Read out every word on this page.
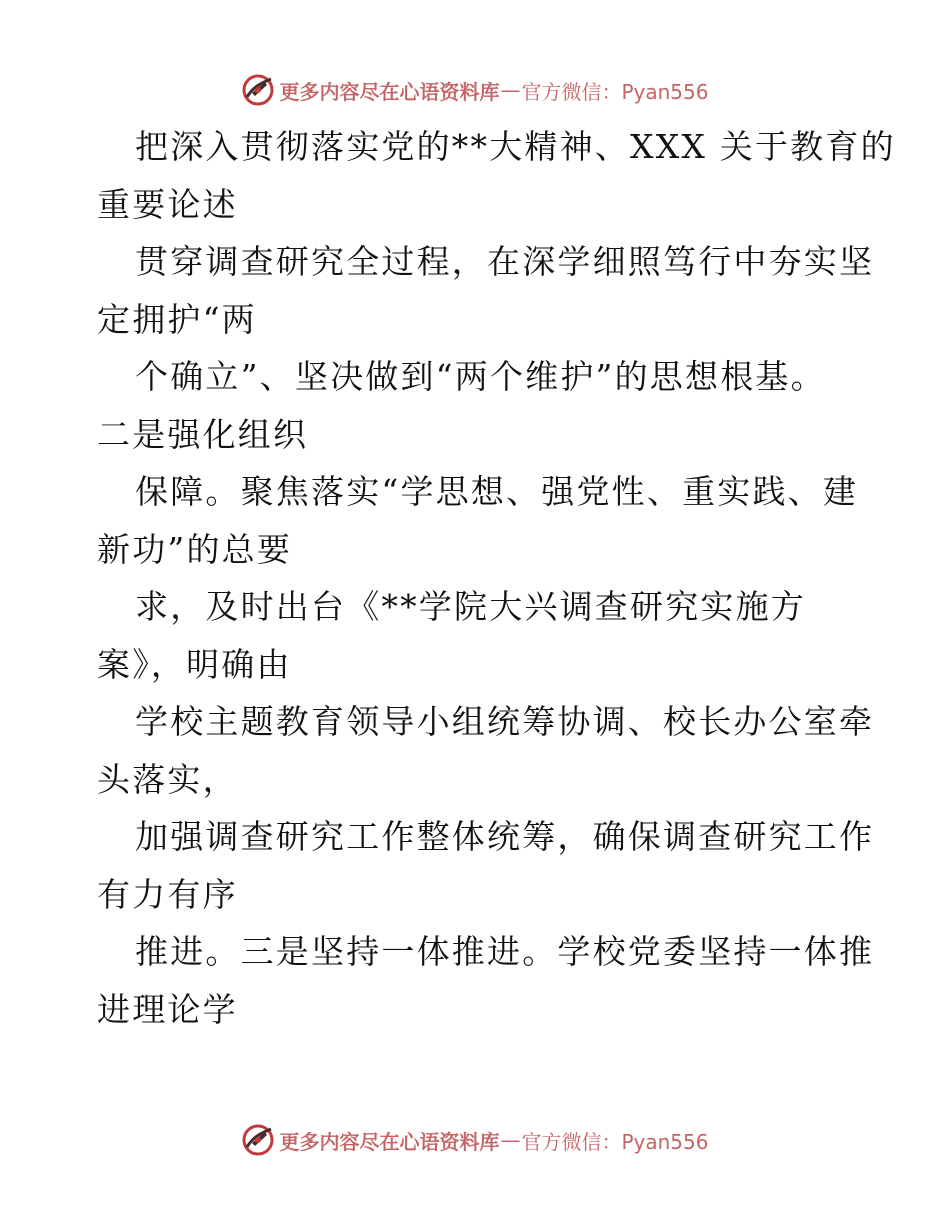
更多内容尽在心语资料库 — 官方微信：Pyan556
把深入贯彻落实党的**大精神、XXX 关于教育的
重要论述
贯穿调查研究全过程，在深学细照笃行中夯实坚
定拥护“两
个确立”、坚决做到“两个维护”的思想根基。
二是强化组织
保障。聚焦落实“学思想、强党性、重实践、建
新功”的总要
求，及时出台《**学院大兴调查研究实施方
案》，明确由
学校主题教育领导小组统筹协调、校长办公室牵
头落实，
加强调查研究工作整体统筹，确保调查研究工作
有力有序
推进。三是坚持一体推进。学校党委坚持一体推
进理论学
更多内容尽在心语资料库 — 官方微信：Pyan556
